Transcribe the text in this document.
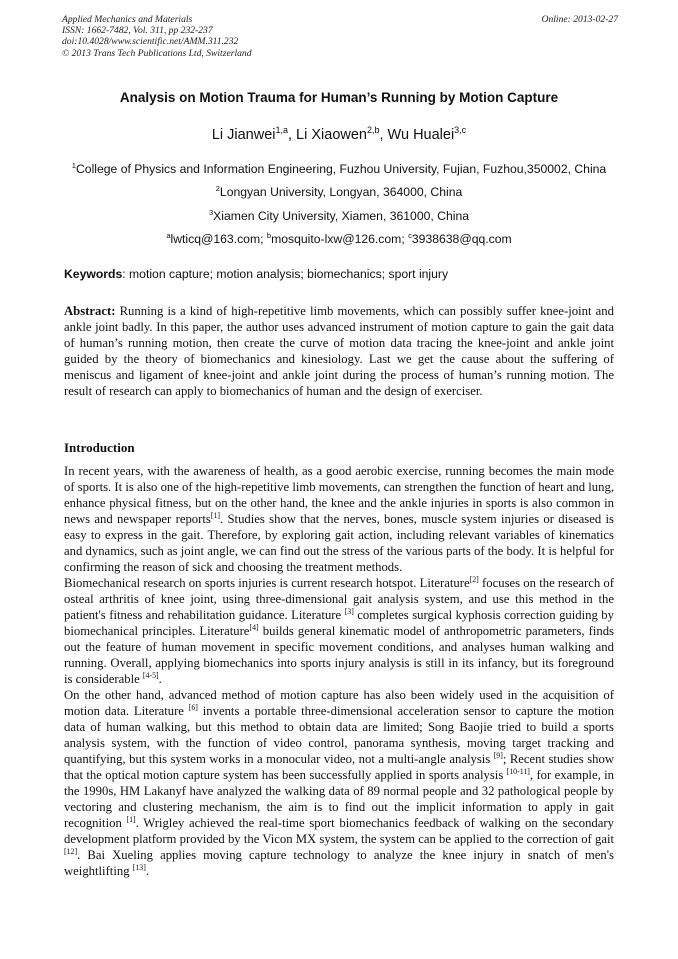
Applied Mechanics and Materials
ISSN: 1662-7482, Vol. 311, pp 232-237
doi:10.4028/www.scientific.net/AMM.311.232
© 2013 Trans Tech Publications Ltd, Switzerland
Online: 2013-02-27
Analysis on Motion Trauma for Human’s Running by Motion Capture
Li Jianwei$^{1,a}$, Li Xiaowen$^{2,b}$, Wu Hualei$^{3,c}$
$^1$College of Physics and Information Engineering, Fuzhou University, Fujian, Fuzhou,350002, China
$^2$Longyan University, Longyan, 364000, China
$^3$Xiamen City University, Xiamen, 361000, China
$^a$lwticq@163.com; $^b$mosquito-lxw@126.com; $^c$3938638@qq.com
Keywords: motion capture; motion analysis; biomechanics; sport injury
Abstract: Running is a kind of high-repetitive limb movements, which can possibly suffer knee-joint and ankle joint badly. In this paper, the author uses advanced instrument of motion capture to gain the gait data of human’s running motion, then create the curve of motion data tracing the knee-joint and ankle joint guided by the theory of biomechanics and kinesiology. Last we get the cause about the suffering of meniscus and ligament of knee-joint and ankle joint during the process of human’s running motion. The result of research can apply to biomechanics of human and the design of exerciser.
Introduction

In recent years, with the awareness of health, as a good aerobic exercise, running becomes the main mode of sports. It is also one of the high-repetitive limb movements, can strengthen the function of heart and lung, enhance physical fitness, but on the other hand, the knee and the ankle injuries in sports is also common in news and newspaper reports[1]. Studies show that the nerves, bones, muscle system injuries or diseased is easy to express in the gait. Therefore, by exploring gait action, including relevant variables of kinematics and dynamics, such as joint angle, we can find out the stress of the various parts of the body. It is helpful for confirming the reason of sick and choosing the treatment methods.

Biomechanical research on sports injuries is current research hotspot. Literature[2] focuses on the research of osteal arthritis of knee joint, using three-dimensional gait analysis system, and use this method in the patient's fitness and rehabilitation guidance. Literature [3] completes surgical kyphosis correction guiding by biomechanical principles. Literature[4] builds general kinematic model of anthropometric parameters, finds out the feature of human movement in specific movement conditions, and analyses human walking and running. Overall, applying biomechanics into sports injury analysis is still in its infancy, but its foreground is considerable [4-5].

On the other hand, advanced method of motion capture has also been widely used in the acquisition of motion data. Literature [6] invents a portable three-dimensional acceleration sensor to capture the motion data of human walking, but this method to obtain data are limited; Song Baojie tried to build a sports analysis system, with the function of video control, panorama synthesis, moving target tracking and quantifying, but this system works in a monocular video, not a multi-angle analysis [9]; Recent studies show that the optical motion capture system has been successfully applied in sports analysis [10-11], for example, in the 1990s, HM Lakanyf have analyzed the walking data of 89 normal people and 32 pathological people by vectoring and clustering mechanism, the aim is to find out the implicit information to apply in gait recognition [1]. Wrigley achieved the real-time sport biomechanics feedback of walking on the secondary development platform provided by the Vicon MX system, the system can be applied to the correction of gait [12]. Bai Xueling applies moving capture technology to analyze the knee injury in snatch of men's weightlifting [13].
